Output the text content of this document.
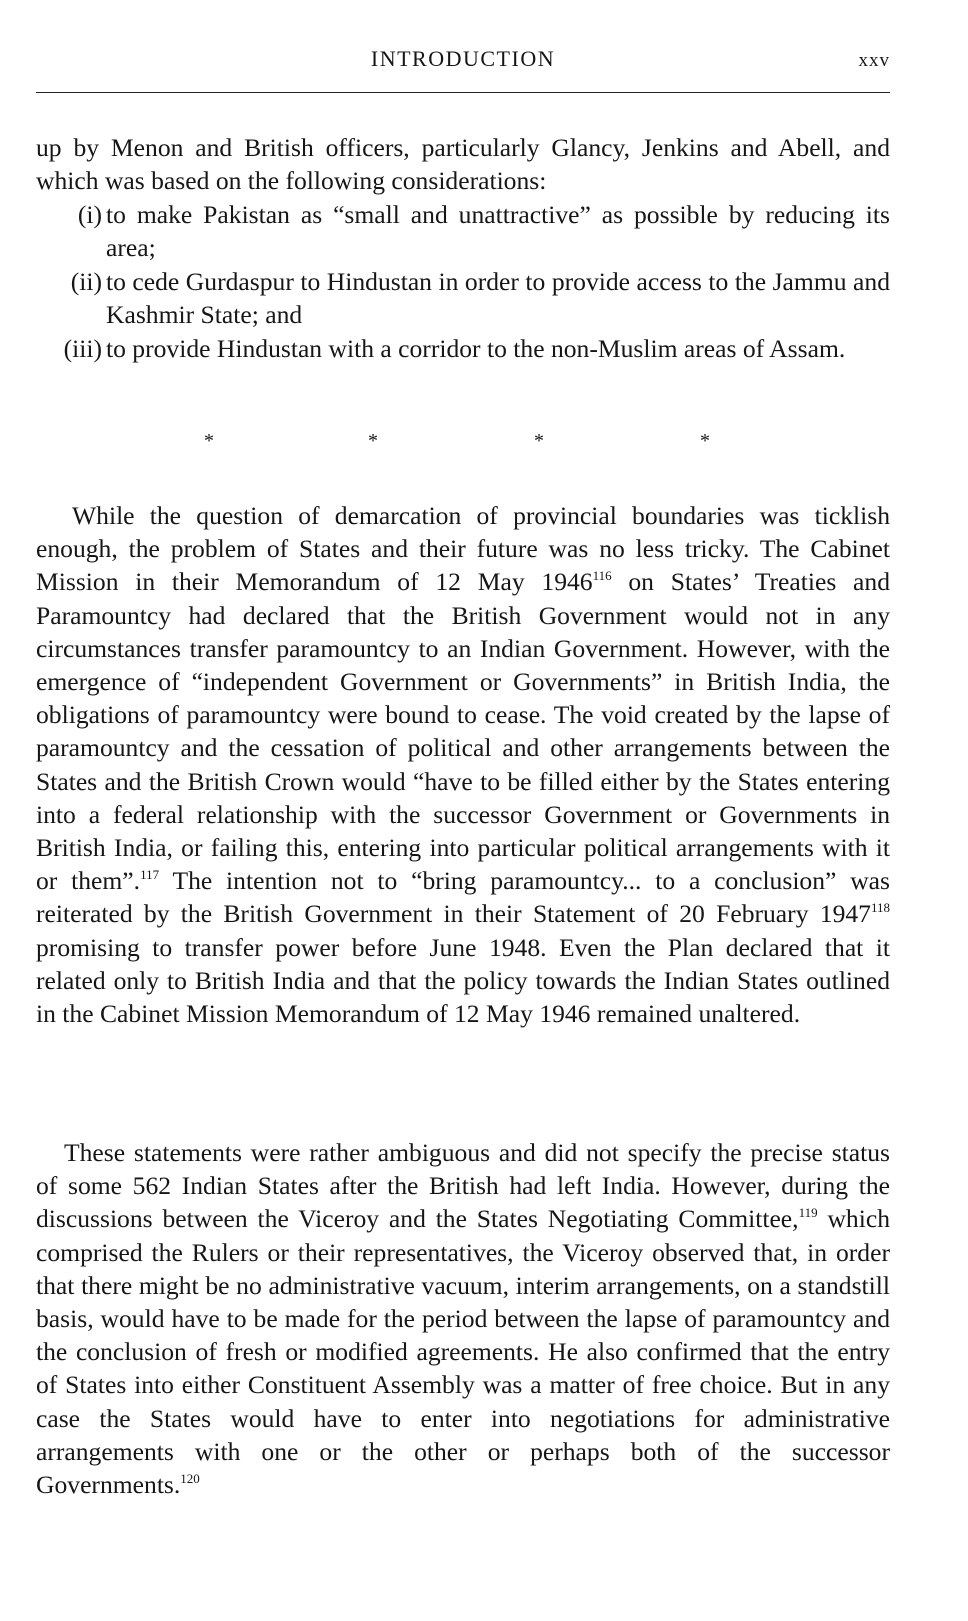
INTRODUCTION	xxv

up by Menon and British officers, particularly Glancy, Jenkins and Abell, and which was based on the following considerations:

(i) to make Pakistan as “small and unattractive” as possible by reducing its area;
(ii) to cede Gurdaspur to Hindustan in order to provide access to the Jammu and Kashmir State; and
(iii) to provide Hindustan with a corridor to the non-Muslim areas of Assam.
*	*	*	*

While the question of demarcation of provincial boundaries was ticklish enough, the problem of States and their future was no less tricky. The Cabinet Mission in their Memorandum of 12 May 1946$^{116}$ on States’ Treaties and Paramountcy had declared that the British Government would not in any circumstances transfer paramountcy to an Indian Government. However, with the emergence of “independent Government or Governments” in British India, the obligations of paramountcy were bound to cease. The void created by the lapse of paramountcy and the cessation of political and other arrangements between the States and the British Crown would “have to be filled either by the States entering into a federal relationship with the successor Government or Governments in British India, or failing this, entering into particular political arrangements with it or them”.$^{117}$ The intention not to “bring paramountcy... to a conclusion” was reiterated by the British Government in their Statement of 20 February 1947$^{118}$ promising to transfer power before June 1948. Even the Plan declared that it related only to British India and that the policy towards the Indian States outlined in the Cabinet Mission Memorandum of 12 May 1946 remained unaltered.

These statements were rather ambiguous and did not specify the precise status of some 562 Indian States after the British had left India. However, during the discussions between the Viceroy and the States Negotiating Committee,$^{119}$ which comprised the Rulers or their representatives, the Viceroy observed that, in order that there might be no administrative vacuum, interim arrangements, on a standstill basis, would have to be made for the period between the lapse of paramountcy and the conclusion of fresh or modified agreements. He also confirmed that the entry of States into either Constituent Assembly was a matter of free choice. But in any case the States would have to enter into negotiations for administrative arrangements with one or the other or perhaps both of the successor Governments.$^{120}$
